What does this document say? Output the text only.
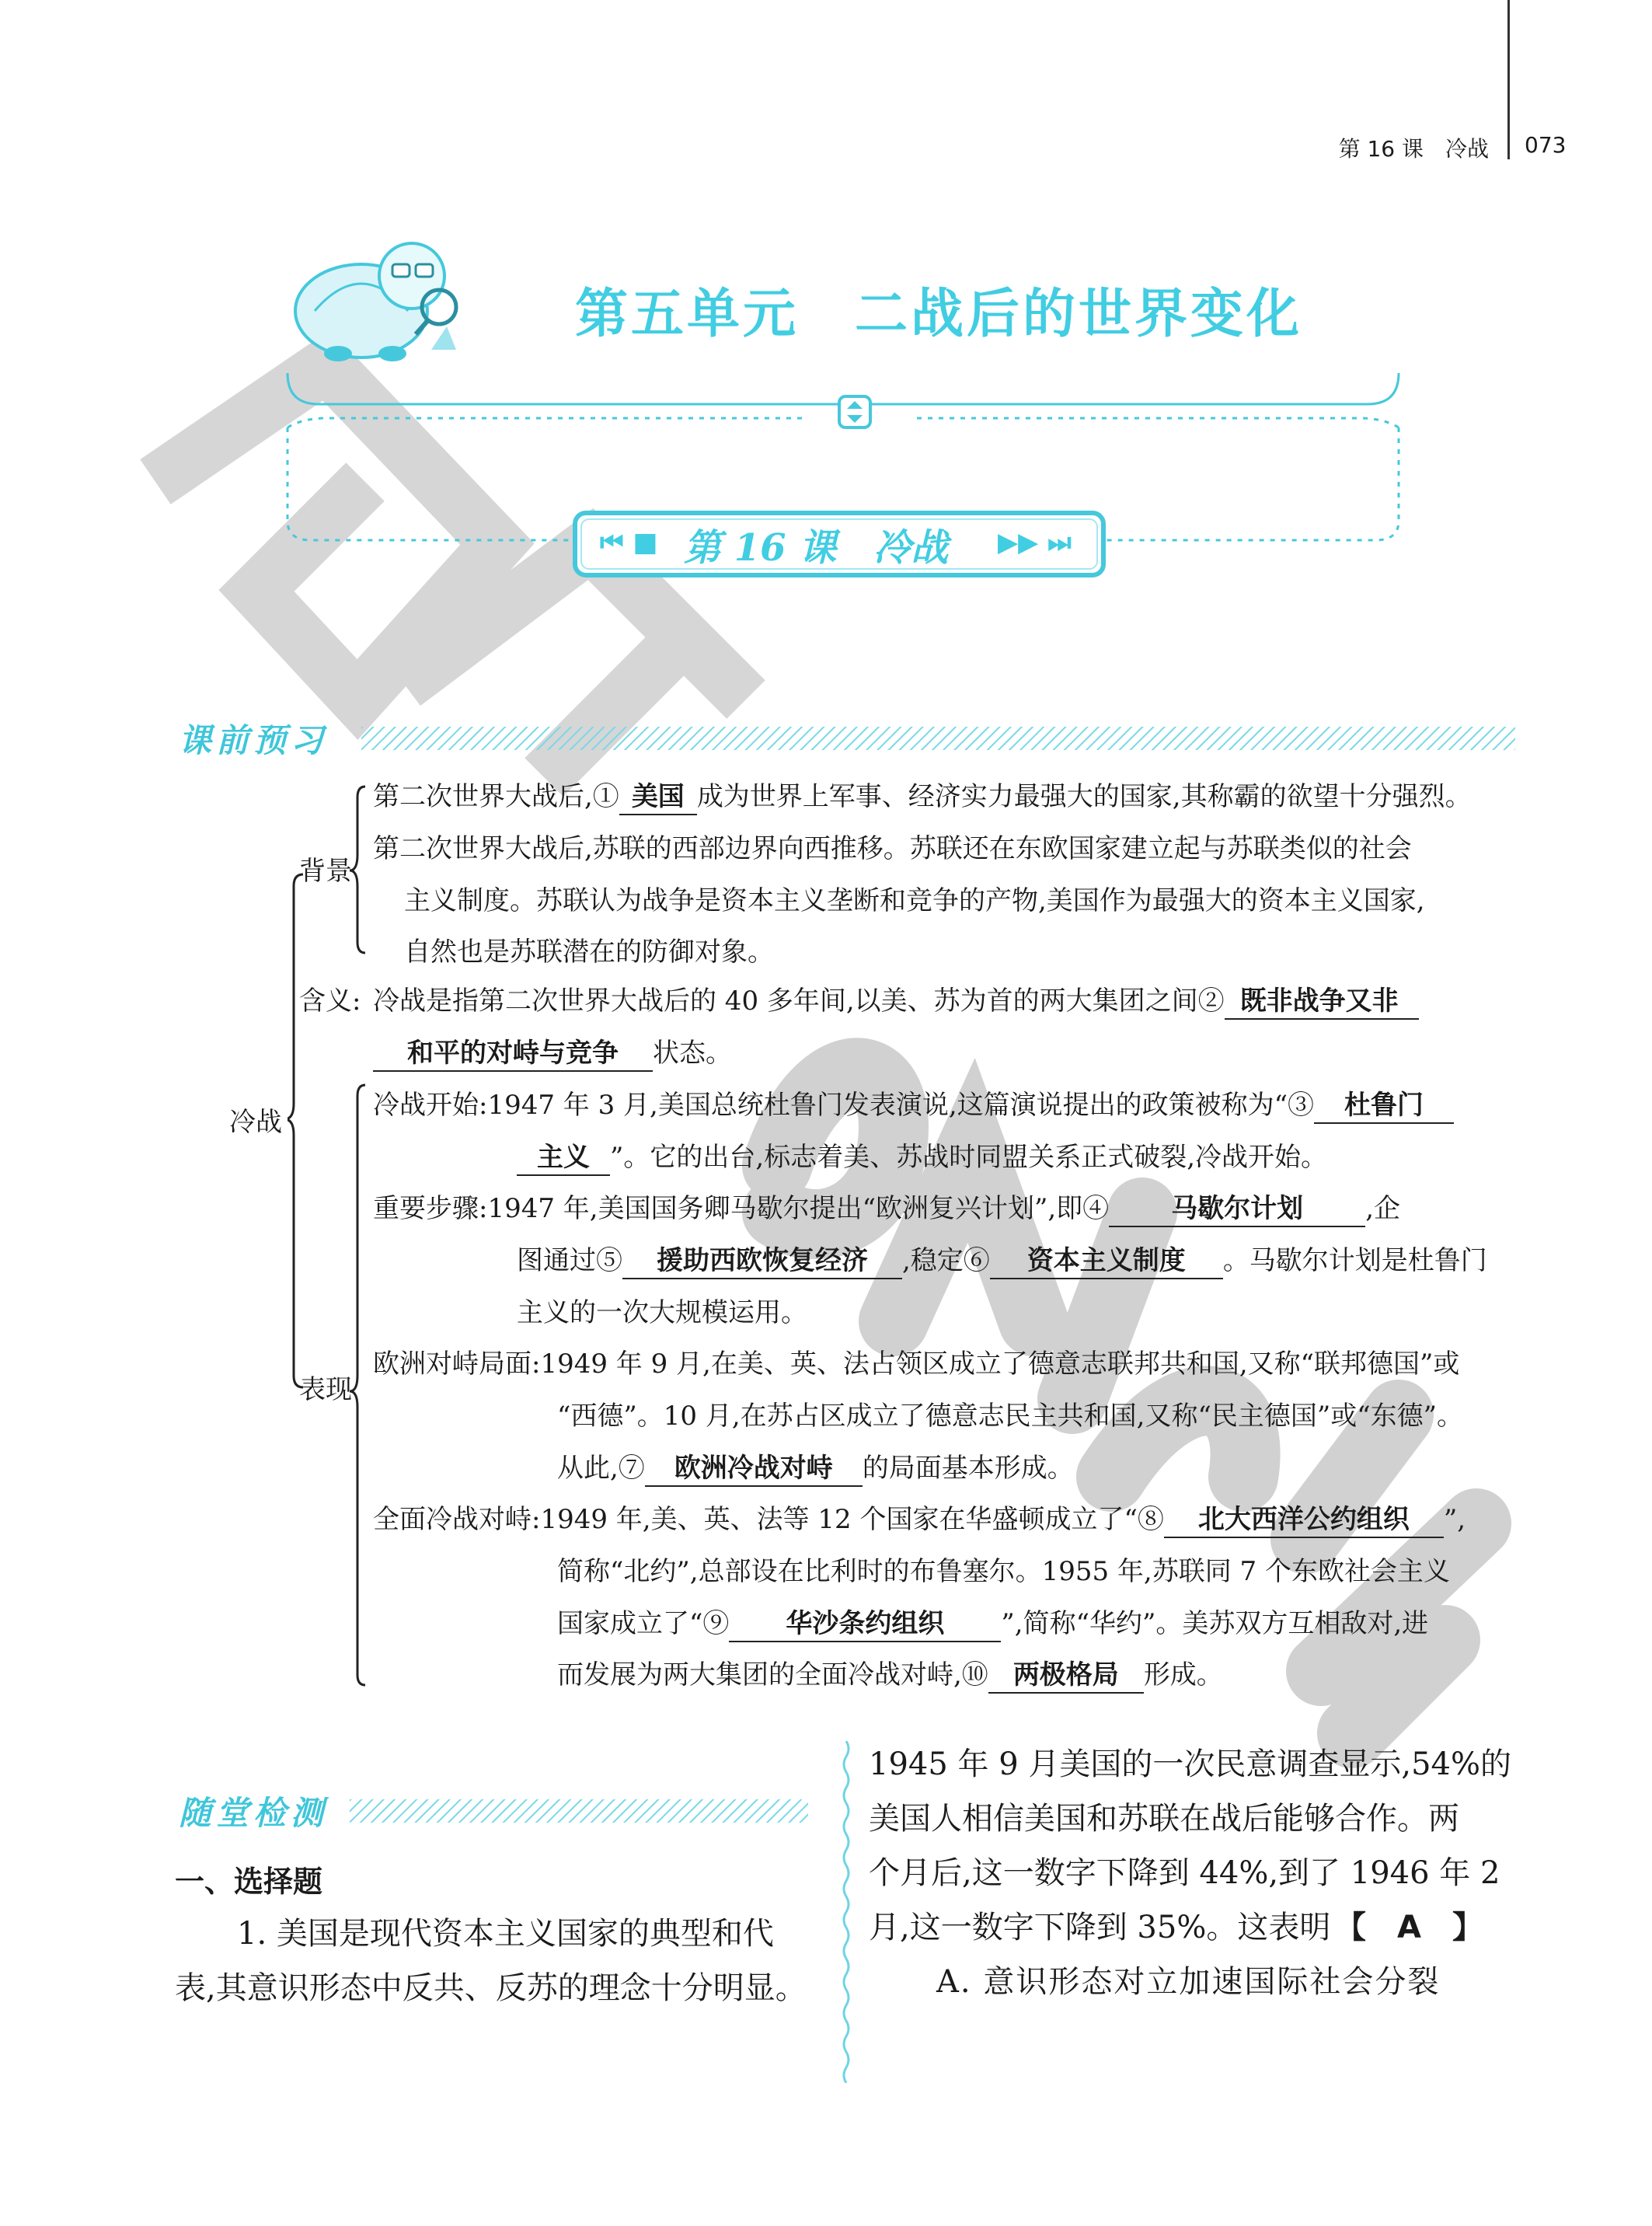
第 16 课　冷战 073
第五单元　二战后的世界变化
⏮ ■ 第 16 课　冷战 ▶▶ ⏭
课前预习
冷战
背景
第二次世界大战后,① 美国 成为世界上军事、经济实力最强大的国家,其称霸的欲望十分强烈。
第二次世界大战后,苏联的西部边界向西推移。苏联还在东欧国家建立起与苏联类似的社会
主义制度。苏联认为战争是资本主义垄断和竞争的产物,美国作为最强大的资本主义国家,
自然也是苏联潜在的防御对象。
含义: 冷战是指第二次世界大战后的 40 多年间,以美、苏为首的两大集团之间② 既非战争又非
和平的对峙与竞争 状态。
表现
冷战开始:1947 年 3 月,美国总统杜鲁门发表演说,这篇演说提出的政策被称为“③ 杜鲁门
主义 ”。它的出台,标志着美、苏战时同盟关系正式破裂,冷战开始。
重要步骤:1947 年,美国国务卿马歇尔提出“欧洲复兴计划”,即④ 马歇尔计划 ,企
图通过⑤ 援助西欧恢复经济 ,稳定⑥ 资本主义制度 。马歇尔计划是杜鲁门
主义的一次大规模运用。
欧洲对峙局面:1949 年 9 月,在美、英、法占领区成立了德意志联邦共和国,又称“联邦德国”或
“西德”。10 月,在苏占区成立了德意志民主共和国,又称“民主德国”或“东德”。
从此,⑦ 欧洲冷战对峙 的局面基本形成。
全面冷战对峙:1949 年,美、英、法等 12 个国家在华盛顿成立了“⑧ 北大西洋公约组织 ”,
简称“北约”,总部设在比利时的布鲁塞尔。1955 年,苏联同 7 个东欧社会主义
国家成立了“⑨ 华沙条约组织 ”,简称“华约”。美苏双方互相敌对,进
而发展为两大集团的全面冷战对峙,⑩ 两极格局 形成。
随堂检测
一、选择题
1. 美国是现代资本主义国家的典型和代
表,其意识形态中反共、反苏的理念十分明显。
1945 年 9 月美国的一次民意调查显示,54%的
美国人相信美国和苏联在战后能够合作。两
个月后,这一数字下降到 44%,到了 1946 年 2
月,这一数字下降到 35%。这表明 【　A　】
A. 意识形态对立加速国际社会分裂
